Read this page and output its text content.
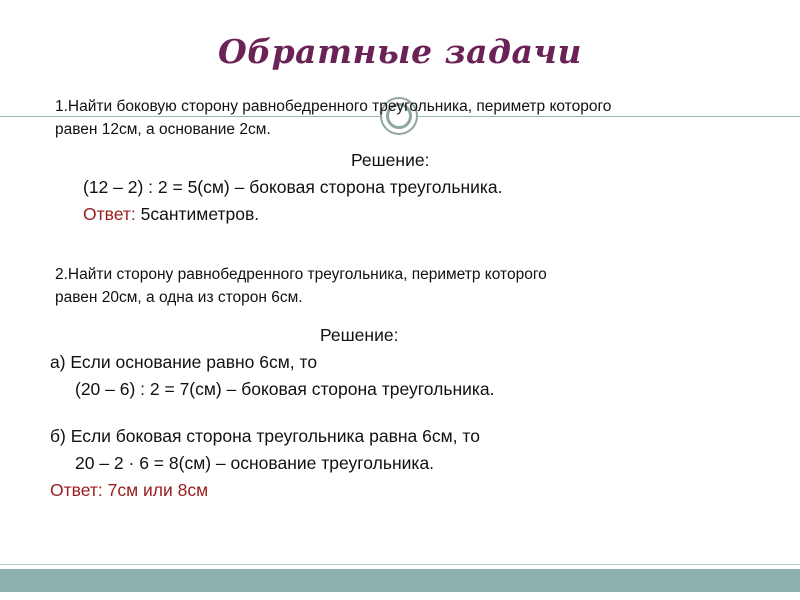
Обратные задачи
1.Найти боковую сторону равнобедренного треугольника, периметр которого
равен 12см, а основание 2см.
Решение:
(12 – 2) : 2 = 5(см) – боковая сторона треугольника.
Ответ: 5сантиметров.
2.Найти сторону равнобедренного треугольника, периметр которого
равен 20см, а одна из сторон 6см.
Решение:
а) Если основание равно 6см, то
(20 – 6) : 2 = 7(см) – боковая сторона треугольника.
б) Если боковая сторона треугольника равна 6см, то
20 – 2 · 6 = 8(см) – основание треугольника.
Ответ: 7см или 8см
